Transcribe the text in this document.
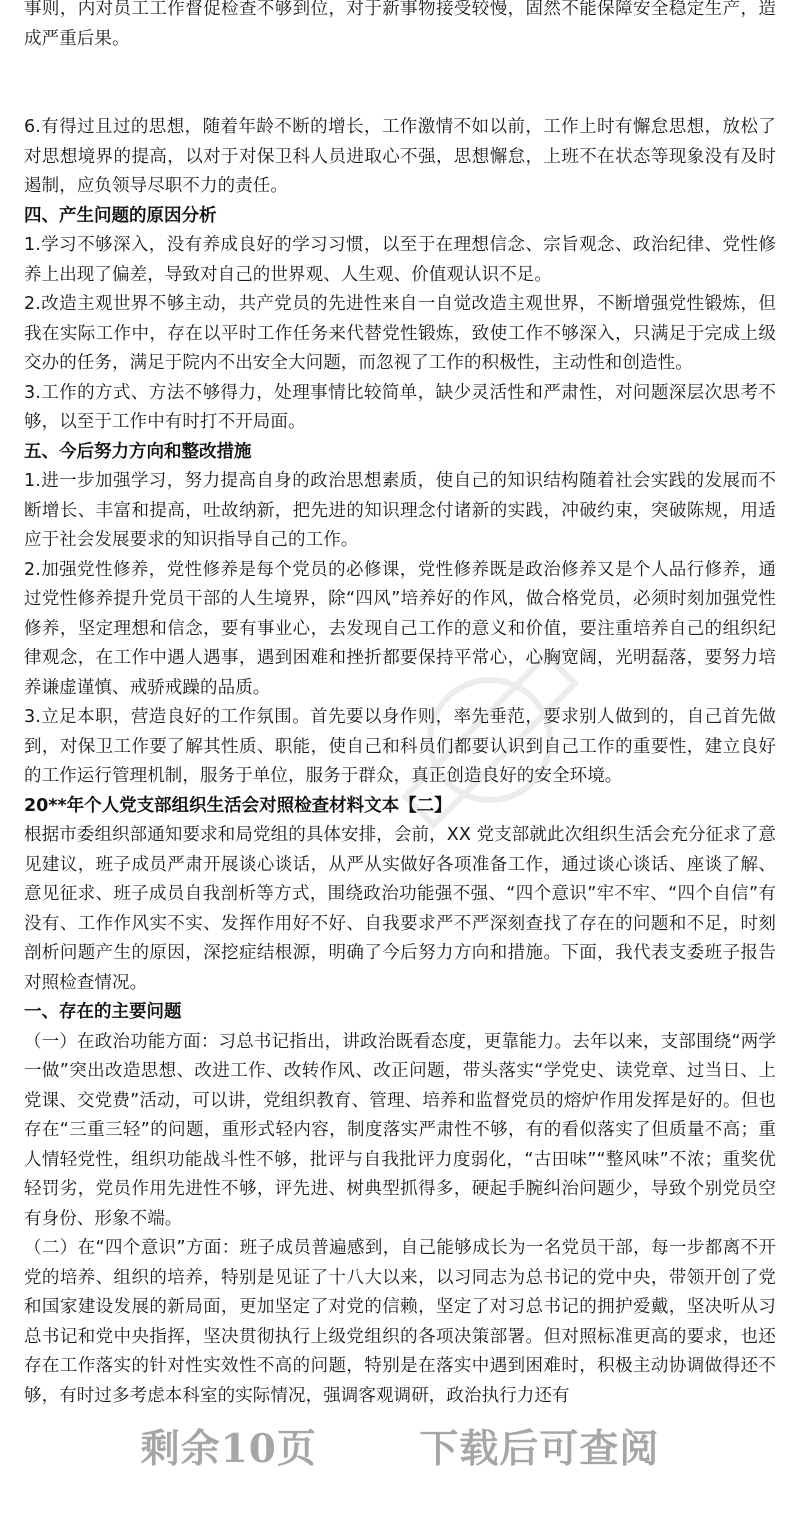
事则，内对员工工作督促检查不够到位，对于新事物接受较慢，固然不能保障安全稳定生产，造成严重后果。

6.有得过且过的思想，随着年龄不断的增长，工作激情不如以前，工作上时有懈怠思想，放松了对思想境界的提高，以对于对保卫科人员进取心不强，思想懈怠，上班不在状态等现象没有及时遏制，应负领导尽职不力的责任。

四、产生问题的原因分析

1.学习不够深入，没有养成良好的学习习惯，以至于在理想信念、宗旨观念、政治纪律、党性修养上出现了偏差，导致对自己的世界观、人生观、价值观认识不足。

2.改造主观世界不够主动，共产党员的先进性来自一自觉改造主观世界，不断增强党性锻炼，但我在实际工作中，存在以平时工作任务来代替党性锻炼，致使工作不够深入，只满足于完成上级交办的任务，满足于院内不出安全大问题，而忽视了工作的积极性，主动性和创造性。

3.工作的方式、方法不够得力，处理事情比较简单，缺少灵活性和严肃性，对问题深层次思考不够，以至于工作中有时打不开局面。

五、今后努力方向和整改措施

1.进一步加强学习，努力提高自身的政治思想素质，使自己的知识结构随着社会实践的发展而不断增长、丰富和提高，吐故纳新，把先进的知识理念付诸新的实践，冲破约束，突破陈规，用适应于社会发展要求的知识指导自己的工作。

2.加强党性修养，党性修养是每个党员的必修课，党性修养既是政治修养又是个人品行修养，通过党性修养提升党员干部的人生境界，除“四风”培养好的作风，做合格党员，必须时刻加强党性修养，坚定理想和信念，要有事业心，去发现自己工作的意义和价值，要注重培养自己的组织纪律观念，在工作中遇人遇事，遇到困难和挫折都要保持平常心，心胸宽阔，光明磊落，要努力培养谦虚谨慎、戒骄戒躁的品质。

3.立足本职，营造良好的工作氛围。首先要以身作则，率先垂范，要求别人做到的，自己首先做到，对保卫工作要了解其性质、职能，使自己和科员们都要认识到自己工作的重要性，建立良好的工作运行管理机制，服务于单位，服务于群众，真正创造良好的安全环境。

20**年个人党支部组织生活会对照检查材料文本【二】

根据市委组织部通知要求和局党组的具体安排，会前，XX 党支部就此次组织生活会充分征求了意见建议，班子成员严肃开展谈心谈话，从严从实做好各项准备工作，通过谈心谈话、座谈了解、意见征求、班子成员自我剖析等方式，围绕政治功能强不强、“四个意识”牢不牢、“四个自信”有没有、工作作风实不实、发挥作用好不好、自我要求严不严深刻查找了存在的问题和不足，时刻剖析问题产生的原因，深挖症结根源，明确了今后努力方向和措施。下面，我代表支委班子报告对照检查情况。

一、存在的主要问题

（一）在政治功能方面：习总书记指出，讲政治既看态度，更靠能力。去年以来，支部围绕“两学一做”突出改造思想、改进工作、改转作风、改正问题，带头落实“学党史、读党章、过当日、上党课、交党费”活动，可以讲，党组织教育、管理、培养和监督党员的熔炉作用发挥是好的。但也存在“三重三轻”的问题，重形式轻内容，制度落实严肃性不够，有的看似落实了但质量不高；重人情轻党性，组织功能战斗性不够，批评与自我批评力度弱化，“古田味”“整风味”不浓；重奖优轻罚劣，党员作用先进性不够，评先进、树典型抓得多，硬起手腕纠治问题少，导致个别党员空有身份、形象不端。

（二）在“四个意识”方面：班子成员普遍感到，自己能够成长为一名党员干部，每一步都离不开党的培养、组织的培养，特别是见证了十八大以来，以习同志为总书记的党中央，带领开创了党和国家建设发展的新局面，更加坚定了对党的信赖，坚定了对习总书记的拥护爱戴，坚决听从习总书记和党中央指挥，坚决贯彻执行上级党组织的各项决策部署。但对照标准更高的要求，也还存在工作落实的针对性实效性不高的问题，特别是在落实中遇到困难时，积极主动协调做得还不够，有时过多考虑本科室的实际情况，强调客观调研，政治执行力还有

剩余10页	下载后可查阅
